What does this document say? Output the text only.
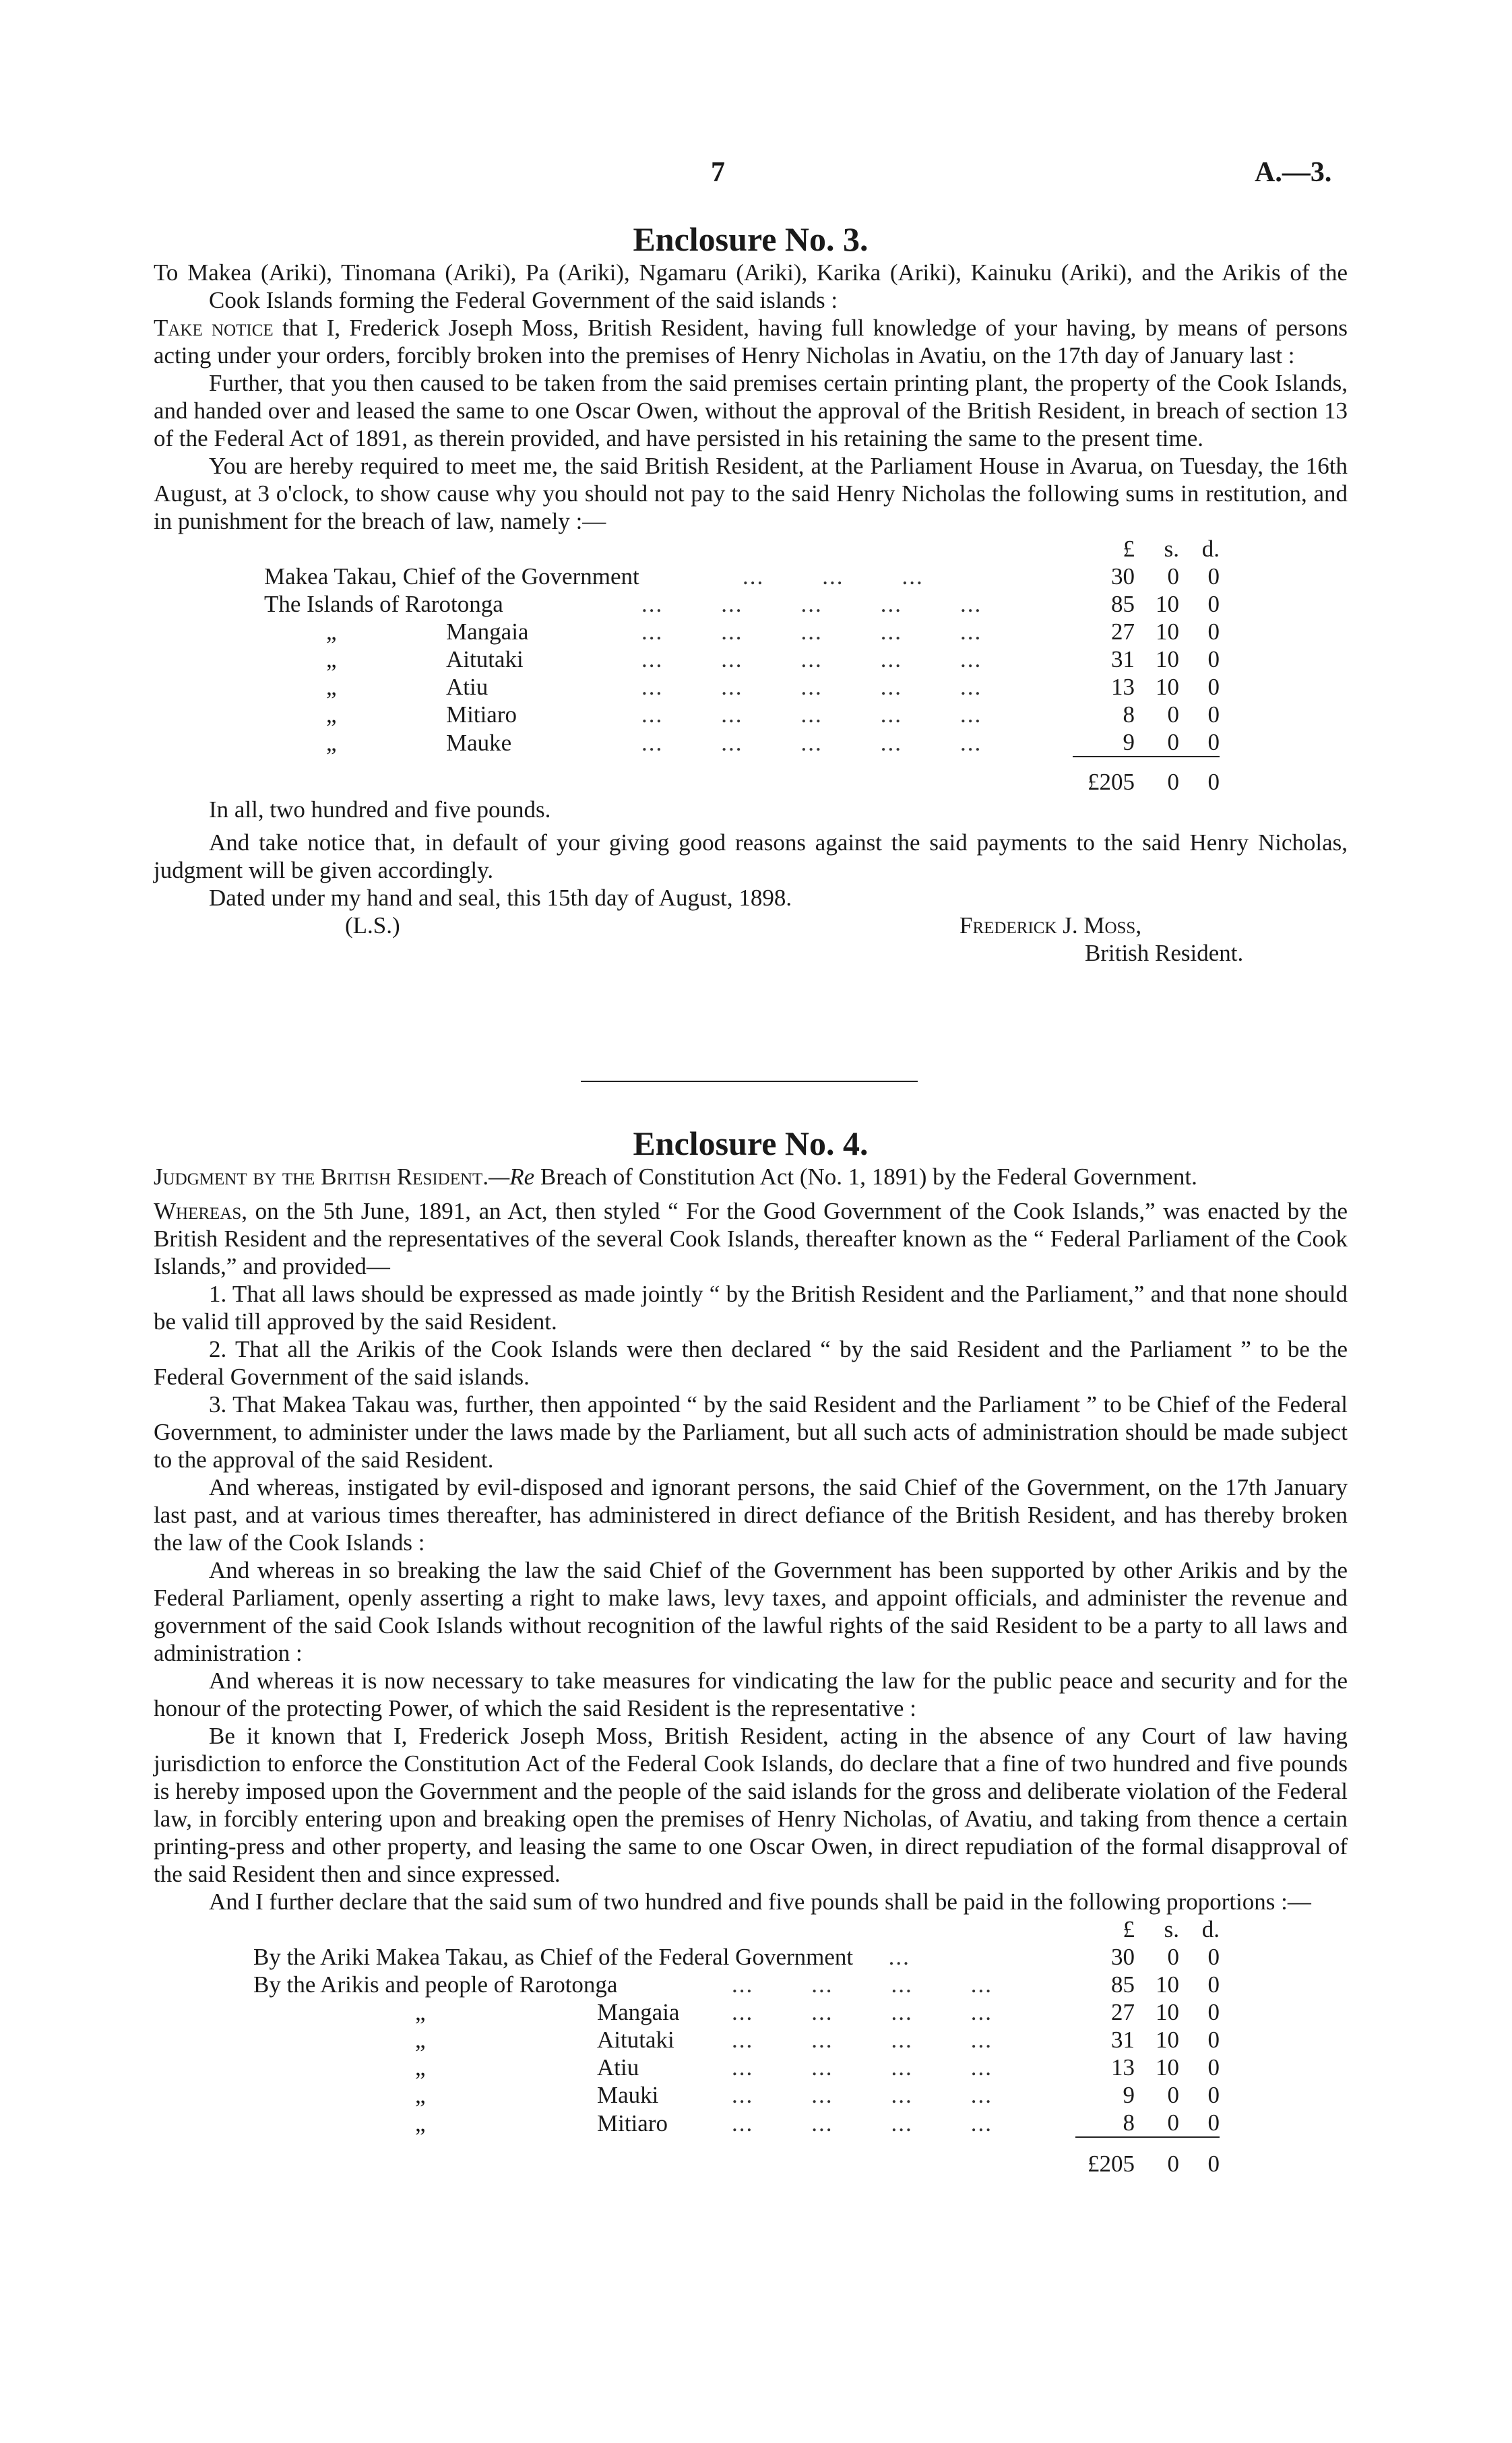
7	A.—3.
Enclosure No. 3.

To Makea (Ariki), Tinomana (Ariki), Pa (Ariki), Ngamaru (Ariki), Karika (Ariki), Kainuku (Ariki), and the Arikis of the Cook Islands forming the Federal Government of the said islands :

Take notice that I, Frederick Joseph Moss, British Resident, having full knowledge of your having, by means of persons acting under your orders, forcibly broken into the premises of Henry Nicholas in Avatiu, on the 17th day of January last :

Further, that you then caused to be taken from the said premises certain printing plant, the property of the Cook Islands, and handed over and leased the same to one Oscar Owen, without the approval of the British Resident, in breach of section 13 of the Federal Act of 1891, as therein provided, and have persisted in his retaining the same to the present time.

You are hereby required to meet me, the said British Resident, at the Parliament House in Avarua, on Tuesday, the 16th August, at 3 o'clock, to show cause why you should not pay to the said Henry Nicholas the following sums in restitution, and in punishment for the breach of law, namely :—

			£	s.	d.
Makea Takau, Chief of the Government		... ... ...	30	0	0
The Islands of Rarotonga		... ... ... ... ...	85	10	0
„	Mangaia	... ... ... ... ...	27	10	0
„	Aitutaki	... ... ... ... ...	31	10	0
„	Atiu	... ... ... ... ...	13	10	0
„	Mitiaro	... ... ... ... ...	8	0	0
„	Mauke	... ... ... ... ...	9	0	0
			£205	0	0

In all, two hundred and five pounds.

And take notice that, in default of your giving good reasons against the said payments to the said Henry Nicholas, judgment will be given accordingly.

Dated under my hand and seal, this 15th day of August, 1898.

(L.S.)	Frederick J. Moss,
British Resident.
Enclosure No. 4.

Judgment by the British Resident.—Re Breach of Constitution Act (No. 1, 1891) by the Federal Government.

Whereas, on the 5th June, 1891, an Act, then styled “ For the Good Government of the Cook Islands,” was enacted by the British Resident and the representatives of the several Cook Islands, thereafter known as the “ Federal Parliament of the Cook Islands,” and provided—

1. That all laws should be expressed as made jointly “ by the British Resident and the Parliament,” and that none should be valid till approved by the said Resident.

2. That all the Arikis of the Cook Islands were then declared “ by the said Resident and the Parliament ” to be the Federal Government of the said islands.

3. That Makea Takau was, further, then appointed “ by the said Resident and the Parliament ” to be Chief of the Federal Government, to administer under the laws made by the Parliament, but all such acts of administration should be made subject to the approval of the said Resident.

And whereas, instigated by evil-disposed and ignorant persons, the said Chief of the Government, on the 17th January last past, and at various times thereafter, has administered in direct defiance of the British Resident, and has thereby broken the law of the Cook Islands :

And whereas in so breaking the law the said Chief of the Government has been supported by other Arikis and by the Federal Parliament, openly asserting a right to make laws, levy taxes, and appoint officials, and administer the revenue and government of the said Cook Islands without recognition of the lawful rights of the said Resident to be a party to all laws and administration :

And whereas it is now necessary to take measures for vindicating the law for the public peace and security and for the honour of the protecting Power, of which the said Resident is the representative :

Be it known that I, Frederick Joseph Moss, British Resident, acting in the absence of any Court of law having jurisdiction to enforce the Constitution Act of the Federal Cook Islands, do declare that a fine of two hundred and five pounds is hereby imposed upon the Government and the people of the said islands for the gross and deliberate violation of the Federal law, in forcibly entering upon and breaking open the premises of Henry Nicholas, of Avatiu, and taking from thence a certain printing-press and other property, and leasing the same to one Oscar Owen, in direct repudiation of the formal disapproval of the said Resident then and since expressed.

And I further declare that the said sum of two hundred and five pounds shall be paid in the following proportions :—

			£	s.	d.
By the Ariki Makea Takau, as Chief of the Federal Government ...			30	0	0
By the Arikis and people of Rarotonga		... ... ... ...	85	10	0
„	Mangaia	... ... ... ...	27	10	0
„	Aitutaki	... ... ... ...	31	10	0
„	Atiu	... ... ... ...	13	10	0
„	Mauki	... ... ... ...	9	0	0
„	Mitiaro	... ... ... ...	8	0	0
			£205	0	0
